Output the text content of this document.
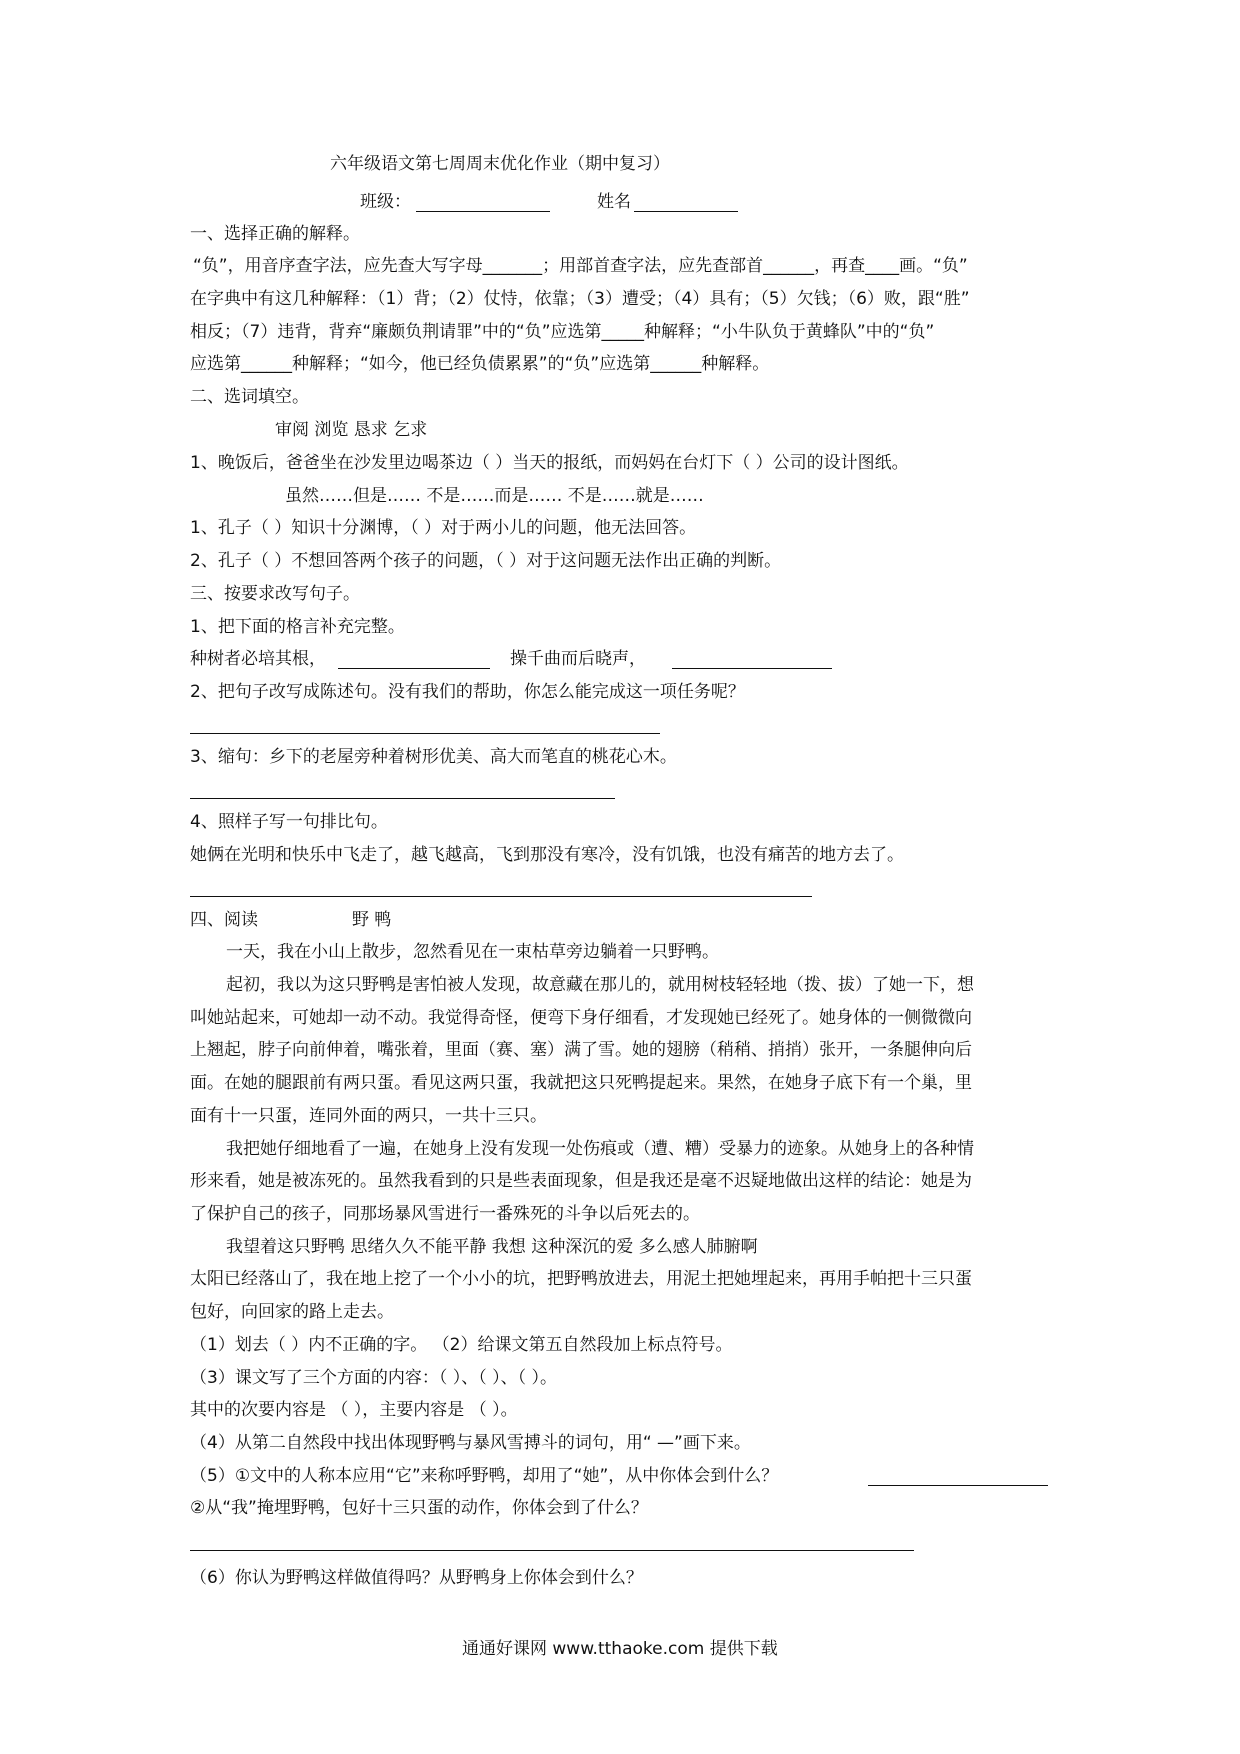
六年级语文第七周周末优化作业（期中复习）
班级：	姓名
一、选择正确的解释。
“负”，用音序查字法，应先查大写字母_______；用部首查字法，应先查部首______，再查____画。“负”
在字典中有这几种解释：（1）背；（2）仗恃，依靠；（3）遭受；（4）具有；（5）欠钱；（6）败，跟“胜”
相反；（7）违背，背弃“廉颇负荆请罪”中的“负”应选第_____种解释；“小牛队负于黄蜂队”中的“负”
应选第______种解释；“如今，他已经负债累累”的“负”应选第______种解释。
二、选词填空。
审阅 浏览 恳求 乞求
1、晚饭后，爸爸坐在沙发里边喝茶边（ ）当天的报纸，而妈妈在台灯下（ ）公司的设计图纸。
虽然……但是…… 不是……而是…… 不是……就是……
1、孔子（ ）知识十分渊博，（ ）对于两小儿的问题，他无法回答。
2、孔子（ ）不想回答两个孩子的问题，（ ）对于这问题无法作出正确的判断。
三、按要求改写句子。
1、把下面的格言补充完整。
种树者必培其根，	操千曲而后晓声，
2、把句子改写成陈述句。没有我们的帮助，你怎么能完成这一项任务呢？
3、缩句：乡下的老屋旁种着树形优美、高大而笔直的桃花心木。
4、照样子写一句排比句。
她俩在光明和快乐中飞走了，越飞越高，飞到那没有寒冷，没有饥饿，也没有痛苦的地方去了。
四、阅读	野 鸭
一天，我在小山上散步，忽然看见在一束枯草旁边躺着一只野鸭。
起初，我以为这只野鸭是害怕被人发现，故意藏在那儿的，就用树枝轻轻地（拨、拔）了她一下，想
叫她站起来，可她却一动不动。我觉得奇怪，便弯下身仔细看，才发现她已经死了。她身体的一侧微微向
上翘起，脖子向前伸着，嘴张着，里面（赛、塞）满了雪。她的翅膀（稍稍、捎捎）张开，一条腿伸向后
面。在她的腿跟前有两只蛋。看见这两只蛋，我就把这只死鸭提起来。果然，在她身子底下有一个巢，里
面有十一只蛋，连同外面的两只，一共十三只。
我把她仔细地看了一遍，在她身上没有发现一处伤痕或（遭、糟）受暴力的迹象。从她身上的各种情
形来看，她是被冻死的。虽然我看到的只是些表面现象，但是我还是毫不迟疑地做出这样的结论：她是为
了保护自己的孩子，同那场暴风雪进行一番殊死的斗争以后死去的。
我望着这只野鸭 思绪久久不能平静 我想 这种深沉的爱 多么感人肺腑啊
太阳已经落山了，我在地上挖了一个小小的坑，把野鸭放进去，用泥土把她埋起来，再用手帕把十三只蛋
包好，向回家的路上走去。
（1）划去（ ）内不正确的字。 （2）给课文第五自然段加上标点符号。
（3）课文写了三个方面的内容：（ ）、（ ）、（ ）。
其中的次要内容是 （ ），主要内容是 （ ）。
（4）从第二自然段中找出体现野鸭与暴风雪搏斗的词句，用“ —”画下来。
（5）①文中的人称本应用“它”来称呼野鸭，却用了“她”，从中你体会到什么？
②从“我”掩埋野鸭，包好十三只蛋的动作，你体会到了什么？
（6）你认为野鸭这样做值得吗？从野鸭身上你体会到什么？
通通好课网 www.tthaoke.com 提供下载
